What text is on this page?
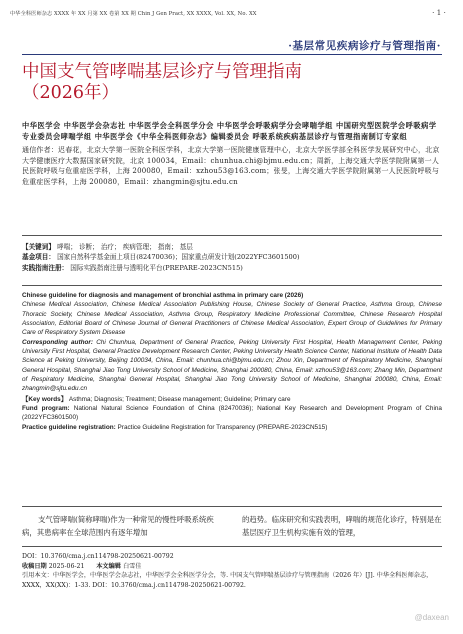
中华全科医师杂志 XXXX 年 XX 月第 XX 卷第 XX 期 Chin J Gen Pract, XX XXXX, Vol. XX, No. XX	· 1 ·
·基层常见疾病诊疗与管理指南·
中国支气管哮喘基层诊疗与管理指南
（2026年）
中华医学会 中华医学会杂志社 中华医学会全科医学分会 中华医学会呼吸病学分会哮喘学组 中国研究型医院学会呼吸病学专业委员会哮喘学组 中华医学会《中华全科医师杂志》编辑委员会 呼吸系统疾病基层诊疗与管理指南制订专家组
通信作者：迟春花，北京大学第一医院全科医学科，北京大学第一医院健康管理中心，北京大学医学部全科医学发展研究中心，北京大学健康医疗大数据国家研究院，北京 100034，Email：chunhua.chi@bjmu.edu.cn；周新，上海交通大学医学院附属第一人民医院呼吸与危重症医学科，上海 200080，Email：xzhou53@163.com；张旻，上海交通大学医学院附属第一人民医院呼吸与危重症医学科，上海 200080，Email：zhangmin@sjtu.edu.cn
【关键词】 哮喘； 诊断； 治疗； 疾病管理； 指南； 基层
基金项目： 国家自然科学基金面上项目(82470036)；国家重点研发计划(2022YFC3601500)
实践指南注册： 国际实践指南注册与透明化平台(PREPARE-2023CN515)
Chinese guideline for diagnosis and management of bronchial asthma in primary care (2026)
Chinese Medical Association, Chinese Medical Association Publishing House, Chinese Society of General Practice, Asthma Group, Chinese Thoracic Society, Chinese Medical Association, Asthma Group, Respiratory Medicine Professional Committee, Chinese Research Hospital Association, Editorial Board of Chinese Journal of General Practitioners of Chinese Medical Association, Expert Group of Guidelines for Primary Care of Respiratory System Disease
Corresponding author: Chi Chunhua, Department of General Practice, Peking University First Hospital, Health Management Center, Peking University First Hospital, General Practice Development Research Center, Peking University Health Science Center, National Institute of Health Data Science at Peking University, Beijing 100034, China, Email: chunhua.chi@bjmu.edu.cn; Zhou Xin, Department of Respiratory Medicine, Shanghai General Hospital, Shanghai Jiao Tong University School of Medicine, Shanghai 200080, China, Email: xzhou53@163.com; Zhang Min, Department of Respiratory Medicine, Shanghai General Hospital, Shanghai Jiao Tong University School of Medicine, Shanghai 200080, China, Email: zhangmin@sjtu.edu.cn
【Key words】 Asthma; Diagnosis; Treatment; Disease management; Guideline; Primary care
Fund program: National Natural Science Foundation of China (82470036); National Key Research and Development Program of China (2022YFC3601500)
Practice guideline registration: Practice Guideline Registration for Transparency (PREPARE-2023CN515)
支气管哮喘(简称哮喘)作为一种常见的慢性呼吸系统疾病，其患病率在全球范围内有逐年增加
的趋势。临床研究和实践表明，哮喘的规范化诊疗，特别是在基层医疗卫生机构实施有效的管理，
DOI：10.3760/cma.j.cn114798-20250621-00792
收稿日期 2025-06-21 本文编辑 白雪佳
引用本文：中华医学会，中华医学会杂志社，中华医学会全科医学分会，等. 中国支气管哮喘基层诊疗与管理指南（2026 年）[J]. 中华全科医师杂志，XXXX，XX(XX)：1-33. DOI：10.3760/cma.j.cn114798-20250621-00792.
@daxean
